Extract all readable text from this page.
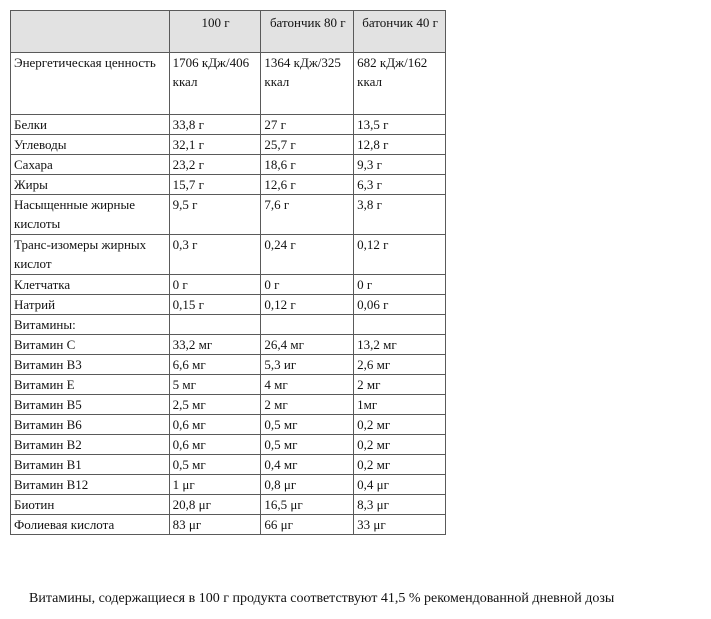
	100 г	батончик 80 г	батончик 40 г
Энергетическая ценность	1706 кДж/406 ккал	1364 кДж/325 ккал	682 кДж/162 ккал
Белки	33,8 г	27 г	13,5 г
Углеводы	32,1 г	25,7 г	12,8 г
Сахара	23,2 г	18,6 г	9,3 г
Жиры	15,7 г	12,6 г	6,3 г
Насыщенные жирные кислоты	9,5 г	7,6 г	3,8 г
Транс-изомеры жирных кислот	0,3 г	0,24 г	0,12 г
Клетчатка	0 г	0 г	0 г
Натрий	0,15 г	0,12 г	0,06 г
Витамины:			
Витамин C	33,2 мг	26,4 мг	13,2 мг
Витамин B3	6,6 мг	5,3 иг	2,6 мг
Витамин E	5 мг	4 мг	2 мг
Витамин B5	2,5 мг	2 мг	1мг
Витамин B6	0,6 мг	0,5 мг	0,2 мг
Витамин B2	0,6 мг	0,5 мг	0,2 мг
Витамин B1	0,5 мг	0,4 мг	0,2 мг
Витамин B12	1 μг	0,8 μг	0,4 μг
Биотин	20,8 μг	16,5 μг	8,3 μг
Фолиевая кислота	83 μг	66 μг	33 μг
Витамины, содержащиеся в 100 г продукта соответствуют 41,5 % рекомендованной дневной дозы
